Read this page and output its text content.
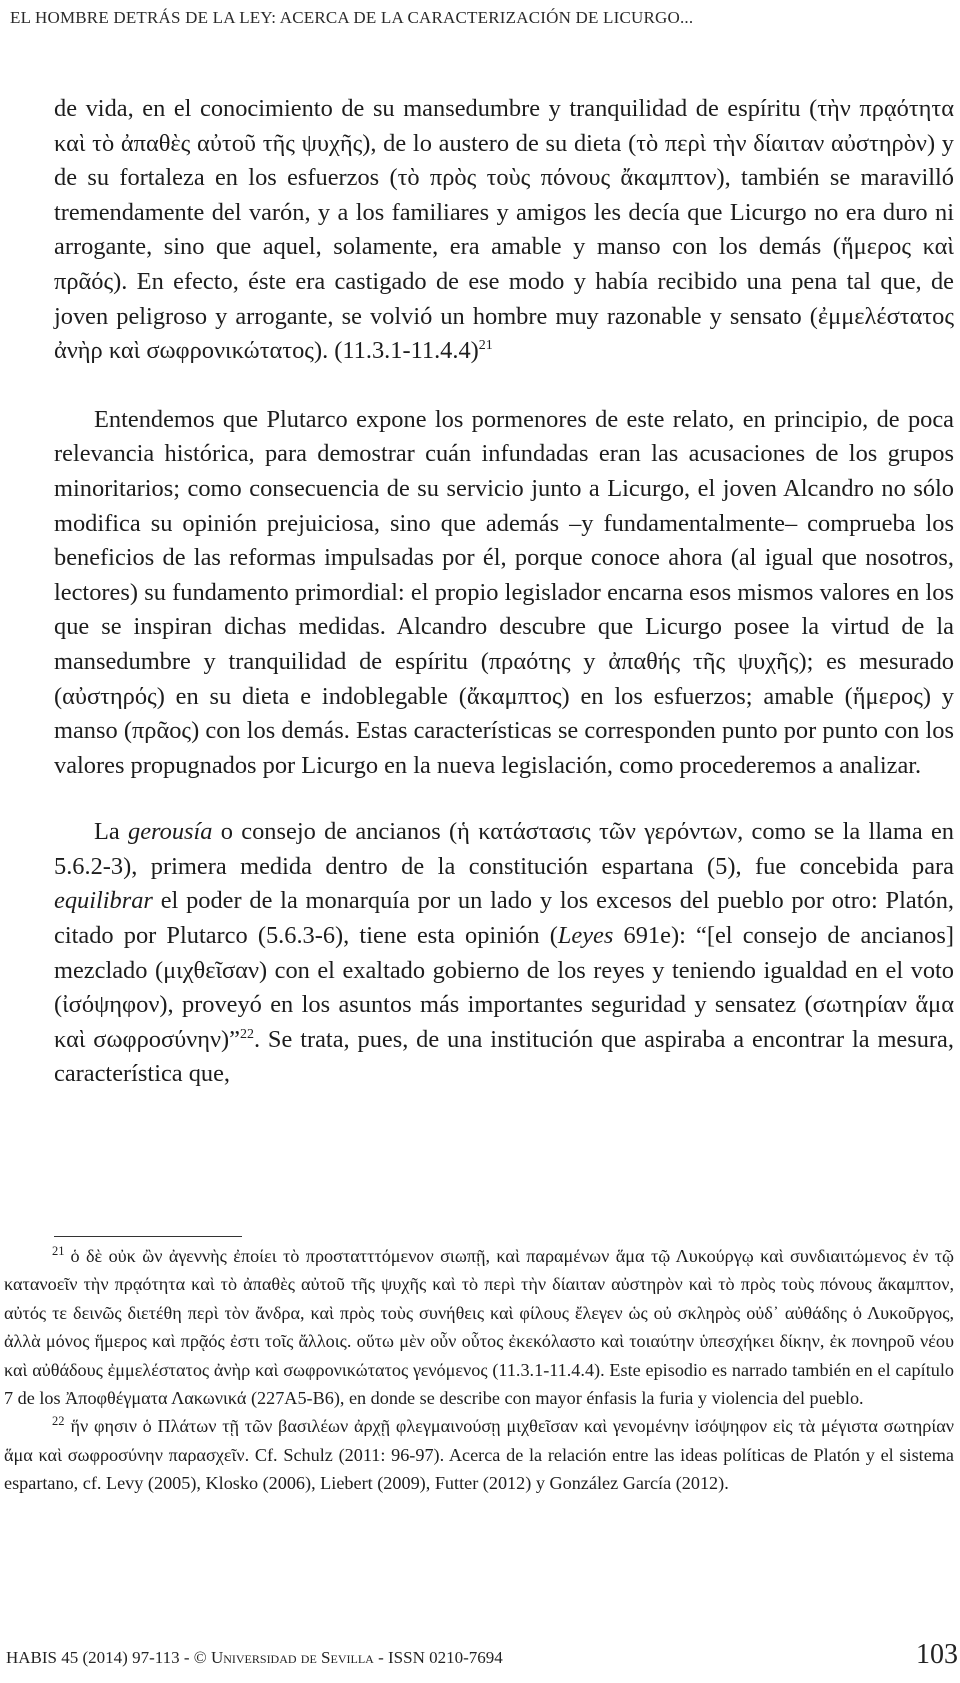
EL HOMBRE DETRÁS DE LA LEY: ACERCA DE LA CARACTERIZACIÓN DE LICURGO...

de vida, en el conocimiento de su mansedumbre y tranquilidad de espíritu (τὴν πρᾳότητα καὶ τὸ ἀπαθὲς αὐτοῦ τῆς ψυχῆς), de lo austero de su dieta (τὸ περὶ τὴν δίαιταν αὐστηρὸν) y de su fortaleza en los esfuerzos (τὸ πρὸς τοὺς πόνους ἄκαμπτον), también se maravilló tremendamente del varón, y a los familiares y amigos les decía que Licurgo no era duro ni arrogante, sino que aquel, solamente, era amable y manso con los demás (ἥμερος καὶ πρᾶός). En efecto, éste era castigado de ese modo y había recibido una pena tal que, de joven peligroso y arrogante, se volvió un hombre muy razonable y sensato (ἐμμελέστατος ἀνὴρ καὶ σωφρονικώτατος). $(11.3.1-11.4.4)^{21}$

Entendemos que Plutarco expone los pormenores de este relato, en principio, de poca relevancia histórica, para demostrar cuán infundadas eran las acusaciones de los grupos minoritarios; como consecuencia de su servicio junto a Licurgo, el joven Alcandro no sólo modifica su opinión prejuiciosa, sino que además –y fundamentalmente– comprueba los beneficios de las reformas impulsadas por él, porque conoce ahora (al igual que nosotros, lectores) su fundamento primordial: el propio legislador encarna esos mismos valores en los que se inspiran dichas medidas. Alcandro descubre que Licurgo posee la virtud de la mansedumbre y tranquilidad de espíritu (πραότης y ἀπαθής τῆς ψυχῆς); es mesurado (αὐστηρός) en su dieta e indoblegable (ἄκαμπτος) en los esfuerzos; amable (ἥμερος) y manso (πρᾶος) con los demás. Estas características se corresponden punto por punto con los valores propugnados por Licurgo en la nueva legislación, como procederemos a analizar.

La gerousía o consejo de ancianos (ἡ κατάστασις τῶν γερόντων, como se la llama en 5.6.2-3), primera medida dentro de la constitución espartana (5), fue concebida para equilibrar el poder de la monarquía por un lado y los excesos del pueblo por otro: Platón, citado por Plutarco (5.6.3-6), tiene esta opinión (Leyes 691e): “[el consejo de ancianos] mezclado (μιχθεῖσαν) con el exaltado gobierno de los reyes y teniendo igualdad en el voto (ἰσόψηφον), proveyó en los asuntos más importantes seguridad y sensatez (σωτηρίαν ἅμα καὶ σωφροσύνην)”$^{22}$. Se trata, pues, de una institución que aspiraba a encontrar la mesura, característica que,

$^{21}$ ὁ δὲ οὐκ ὢν ἀγεννὴς ἐποίει τὸ προστατττόμενον σιωπῇ, καὶ παραμένων ἅμα τῷ Λυκούργῳ καὶ συνδιαιτώμενος ἐν τῷ κατανοεῖν τὴν πρᾳότητα καὶ τὸ ἀπαθὲς αὐτοῦ τῆς ψυχῆς καὶ τὸ περὶ τὴν δίαιταν αὐστηρὸν καὶ τὸ πρὸς τοὺς πόνους ἄκαμπτον, αὐτός τε δεινῶς διετέθη περὶ τὸν ἄνδρα, καὶ πρὸς τοὺς συνήθεις καὶ φίλους ἔλεγεν ὡς οὐ σκληρὸς οὐδ᾽ αὐθάδης ὁ Λυκοῦργος, ἀλλὰ μόνος ἥμερος καὶ πρᾷός ἐστι τοῖς ἄλλοις. οὕτω μὲν οὖν οὗτος ἐκεκόλαστο καὶ τοιαύτην ὑπεσχήκει δίκην, ἐκ πονηροῦ νέου καὶ αὐθάδους ἐμμελέστατος ἀνὴρ καὶ σωφρονικώτατος γενόμενος (11.3.1-11.4.4). Este episodio es narrado también en el capítulo 7 de los Ἀποφθέγματα Λακωνικά (227A5-B6), en donde se describe con mayor énfasis la furia y violencia del pueblo.

$^{22}$ ἥν φησιν ὁ Πλάτων τῇ τῶν βασιλέων ἀρχῇ φλεγμαινούσῃ μιχθεῖσαν καὶ γενομένην ἰσόψηφον εἰς τὰ μέγιστα σωτηρίαν ἅμα καὶ σωφροσύνην παρασχεῖν. Cf. Schulz (2011: 96-97). Acerca de la relación entre las ideas políticas de Platón y el sistema espartano, cf. Levy (2005), Klosko (2006), Liebert (2009), Futter (2012) y González García (2012).

HABIS 45 (2014) 97-113 - © Universidad de Sevilla - ISSN 0210-7694	103
